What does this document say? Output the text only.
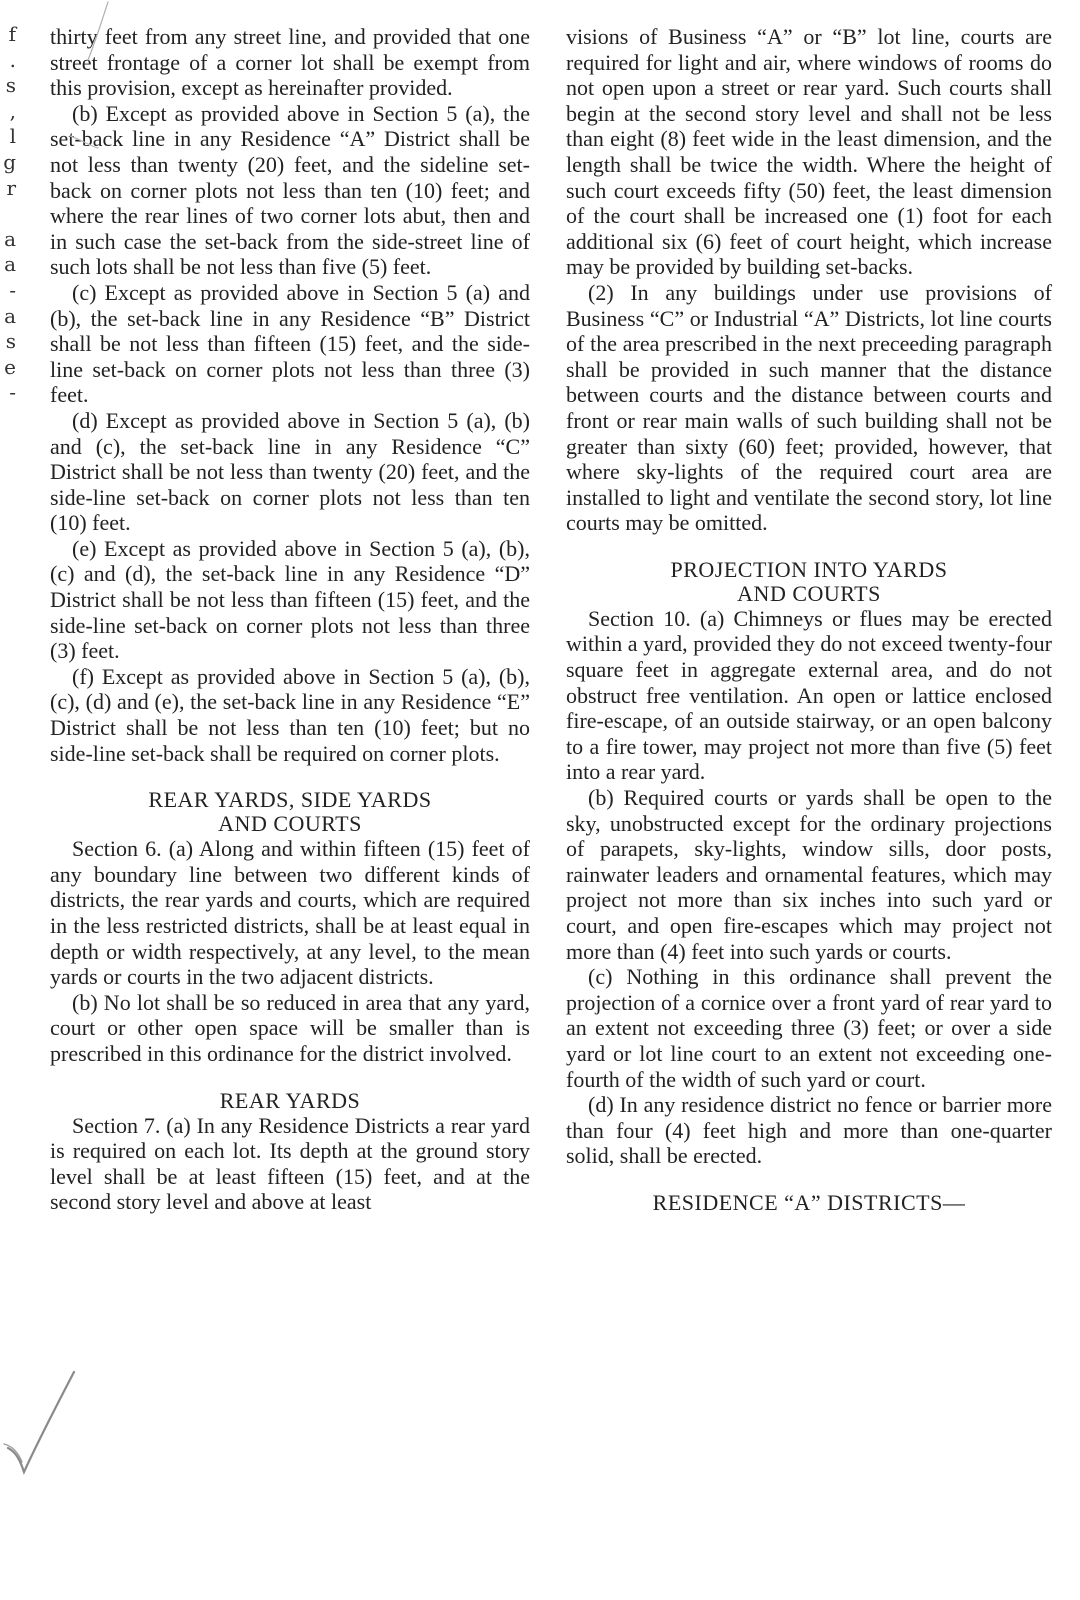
f
.
s
,
l
g
r
a
a
-
a
s
e
-

thirty feet from any street line, and provided that one street frontage of a corner lot shall be exempt from this provision, except as hereinafter provided.

(b) Except as provided above in Section 5 (a), the set-back line in any Residence “A” District shall be not less than twenty (20) feet, and the sideline set-back on corner plots not less than ten (10) feet; and where the rear lines of two corner lots abut, then and in such case the set-back from the side-street line of such lots shall be not less than five (5) feet.

(c) Except as provided above in Section 5 (a) and (b), the set-back line in any Residence “B” District shall be not less than fifteen (15) feet, and the side-line set-back on corner plots not less than three (3) feet.

(d) Except as provided above in Section 5 (a), (b) and (c), the set-back line in any Residence “C” District shall be not less than twenty (20) feet, and the side-line set-back on corner plots not less than ten (10) feet.

(e) Except as provided above in Section 5 (a), (b), (c) and (d), the set-back line in any Residence “D” District shall be not less than fifteen (15) feet, and the side-line set-back on corner plots not less than three (3) feet.

(f) Except as provided above in Section 5 (a), (b), (c), (d) and (e), the set-back line in any Residence “E” District shall be not less than ten (10) feet; but no side-line set-back shall be required on corner plots.

REAR YARDS, SIDE YARDS
AND COURTS

Section 6. (a) Along and within fifteen (15) feet of any boundary line between two different kinds of districts, the rear yards and courts, which are required in the less restricted districts, shall be at least equal in depth or width respectively, at any level, to the mean yards or courts in the two adjacent districts.

(b) No lot shall be so reduced in area that any yard, court or other open space will be smaller than is prescribed in this ordinance for the district involved.

REAR YARDS

Section 7. (a) In any Residence Districts a rear yard is required on each lot. Its depth at the ground story level shall be at least fifteen (15) feet, and at the second story level and above at least

visions of Business “A” or “B” lot line, courts are required for light and air, where windows of rooms do not open upon a street or rear yard. Such courts shall begin at the second story level and shall not be less than eight (8) feet wide in the least dimension, and the length shall be twice the width. Where the height of such court exceeds fifty (50) feet, the least dimension of the court shall be increased one (1) foot for each additional six (6) feet of court height, which increase may be provided by building set-backs.

(2) In any buildings under use provisions of Business “C” or Industrial “A” Districts, lot line courts of the area prescribed in the next preceeding paragraph shall be provided in such manner that the distance between courts and the distance between courts and front or rear main walls of such building shall not be greater than sixty (60) feet; provided, however, that where sky-lights of the required court area are installed to light and ventilate the second story, lot line courts may be omitted.

PROJECTION INTO YARDS
AND COURTS

Section 10. (a) Chimneys or flues may be erected within a yard, provided they do not exceed twenty-four square feet in aggregate external area, and do not obstruct free ventilation. An open or lattice enclosed fire-escape, of an outside stairway, or an open balcony to a fire tower, may project not more than five (5) feet into a rear yard.

(b) Required courts or yards shall be open to the sky, unobstructed except for the ordinary projections of parapets, sky-lights, window sills, door posts, rainwater leaders and ornamental features, which may project not more than six inches into such yard or court, and open fire-escapes which may project not more than (4) feet into such yards or courts.

(c) Nothing in this ordinance shall prevent the projection of a cornice over a front yard of rear yard to an extent not exceeding three (3) feet; or over a side yard or lot line court to an extent not exceeding one-fourth of the width of such yard or court.

(d) In any residence district no fence or barrier more than four (4) feet high and more than one-quarter solid, shall be erected.

RESIDENCE “A” DISTRICTS—
